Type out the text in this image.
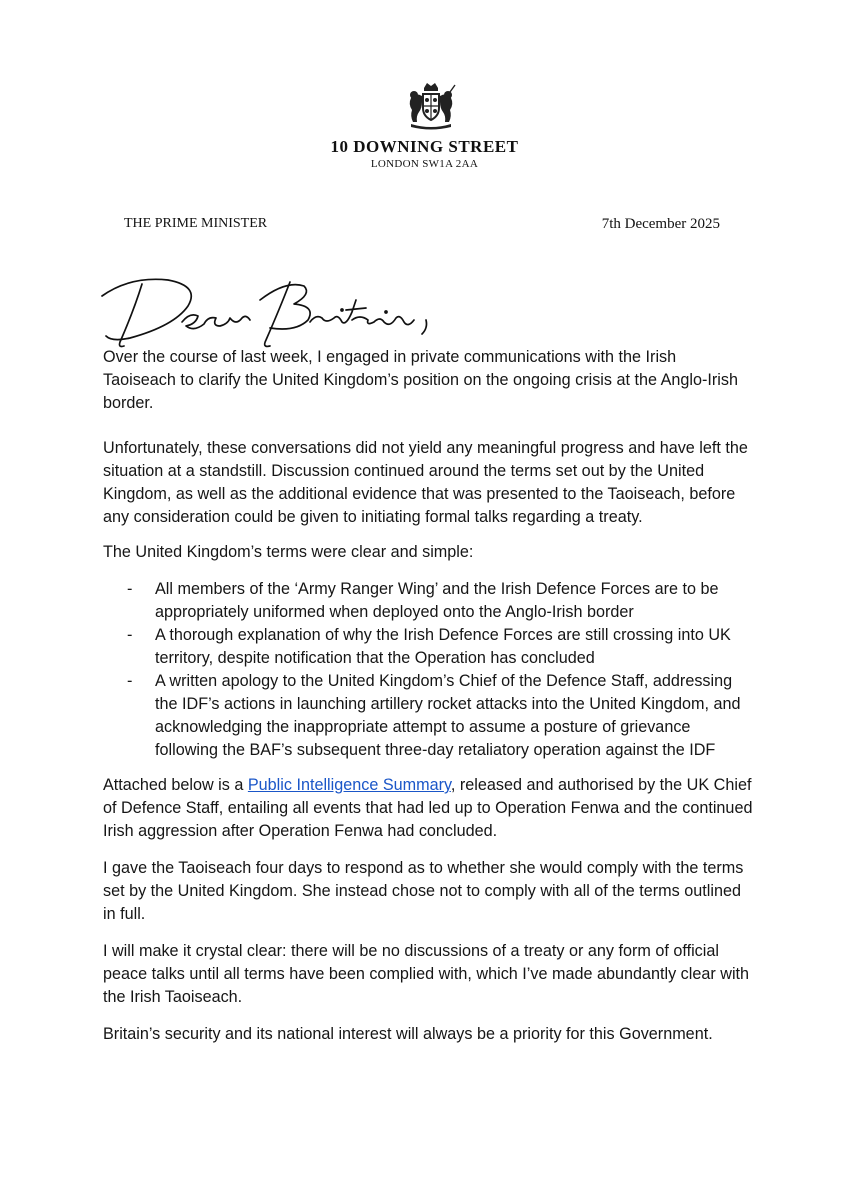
10 DOWNING STREET
LONDON SW1A 2AA
THE PRIME MINISTER	7th December 2025

Over the course of last week, I engaged in private communications with the Irish Taoiseach to clarify the United Kingdom’s position on the ongoing crisis at the Anglo-Irish border.

Unfortunately, these conversations did not yield any meaningful progress and have left the situation at a standstill. Discussion continued around the terms set out by the United Kingdom, as well as the additional evidence that was presented to the Taoiseach, before any consideration could be given to initiating formal talks regarding a treaty.

The United Kingdom’s terms were clear and simple:

- All members of the ‘Army Ranger Wing’ and the Irish Defence Forces are to be appropriately uniformed when deployed onto the Anglo-Irish border
- A thorough explanation of why the Irish Defence Forces are still crossing into UK territory, despite notification that the Operation has concluded
- A written apology to the United Kingdom’s Chief of the Defence Staff, addressing the IDF’s actions in launching artillery rocket attacks into the United Kingdom, and acknowledging the inappropriate attempt to assume a posture of grievance following the BAF’s subsequent three-day retaliatory operation against the IDF

Attached below is a Public Intelligence Summary, released and authorised by the UK Chief of Defence Staff, entailing all events that had led up to Operation Fenwa and the continued Irish aggression after Operation Fenwa had concluded.

I gave the Taoiseach four days to respond as to whether she would comply with the terms set by the United Kingdom. She instead chose not to comply with all of the terms outlined in full.

I will make it crystal clear: there will be no discussions of a treaty or any form of official peace talks until all terms have been complied with, which I’ve made abundantly clear with the Irish Taoiseach.

Britain’s security and its national interest will always be a priority for this Government.
